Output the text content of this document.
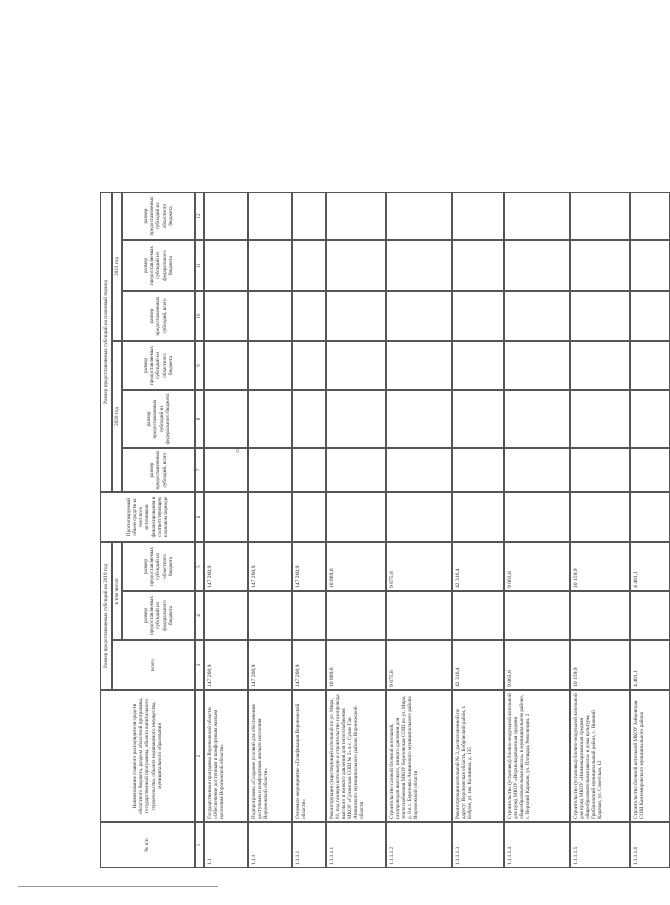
9
№ п/п
Наименование главного распорядителя средств областного бюджета, раздела областной программы, государственной программы, объекта капитального строительства, объекта недвижимого имущества, муниципального образования
Размер предоставляемых субсидий на 2019 год	всего
в том числе:
размер предоставляемых субсидий из федерального бюджета
размер предоставляемых субсидий из областного бюджета
Прогнозируемый объем средств за счет всех источников финансирования в соответствующем плановом периоде
Размер предоставляемых субсидий на плановый период
2020 год
2021 год
размер предоставляемых субсидий, всего
размер предоставляемых субсидий из федерального бюджета
размер предоставляемых субсидий из областного бюджета
размер предоставляемых субсидий, всего
размер предоставляемых субсидий из федерального бюджета
размер предоставляемых субсидий из областного бюджета
1
2
3
4
5
6
7
8
9
10
11
12
1.1
Государственная программа Воронежской области «Обеспечение доступным и комфортным жильем населения Воронежской области»
147 260,9
147 260,9
1.1.1
Подпрограмма «Создание условий для обеспечения доступным и комфортным жильем населения Воронежской области»
147 260,9
147 260,9
1.1.1.1
Основное мероприятие «Газификация Воронежской области»
147 260,9
147 260,9
1.1.1.1.1
Реконструкция существующей котельной по ул. Мира, 81, под газовую котельную и строительство газопровода высокого и низкого давления для теплоснабжения МКОУ «Сухинская СОШ № 2» в с. Сухие Гаи Аннинского муниципального района Воронежской области
10 889,0
10 889,0
1.1.1.1.2
Строительство газовой блочной котельной, газопроводов высокого, низкого давления для теплоснабжения МКОУ Березовская СОШ по ул. Мира, д. 8 в с. Березовка Аннинского муниципального района Воронежской области
9 675,8
9 675,8
1.1.1.1.3
Реконструкция котельной № 3, расположенной по адресу: Воронежская область, Бобровский район, г. Бобров, ул. им. Калинина, д. 135
42 316,4
42 316,4
1.1.1.1.4
Строительство (установка) блочно-модульной котельной для нужд МКОУ «Верхнекарачанская средняя общеобразовательная школа» в муниципальном районе, с. Верхний Карачан, ул. Площадь Революции, 2
9 063,8
9 063,8
1.1.1.1.5
Строительство (установка) блочно-модульной котельной для нужд МКОУ «Нижнекарачанская средняя общеобразовательная школа» и дома культуры, Грибановский муниципальный район, с. Нижний Карачан, ул. Советская, 12
10 159,9
10 159,9
1.1.1.1.6
Строительство блочной котельной МКОУ Зайцевская СОШ Кантемировского муниципального района
4 401,1
4 401,1
